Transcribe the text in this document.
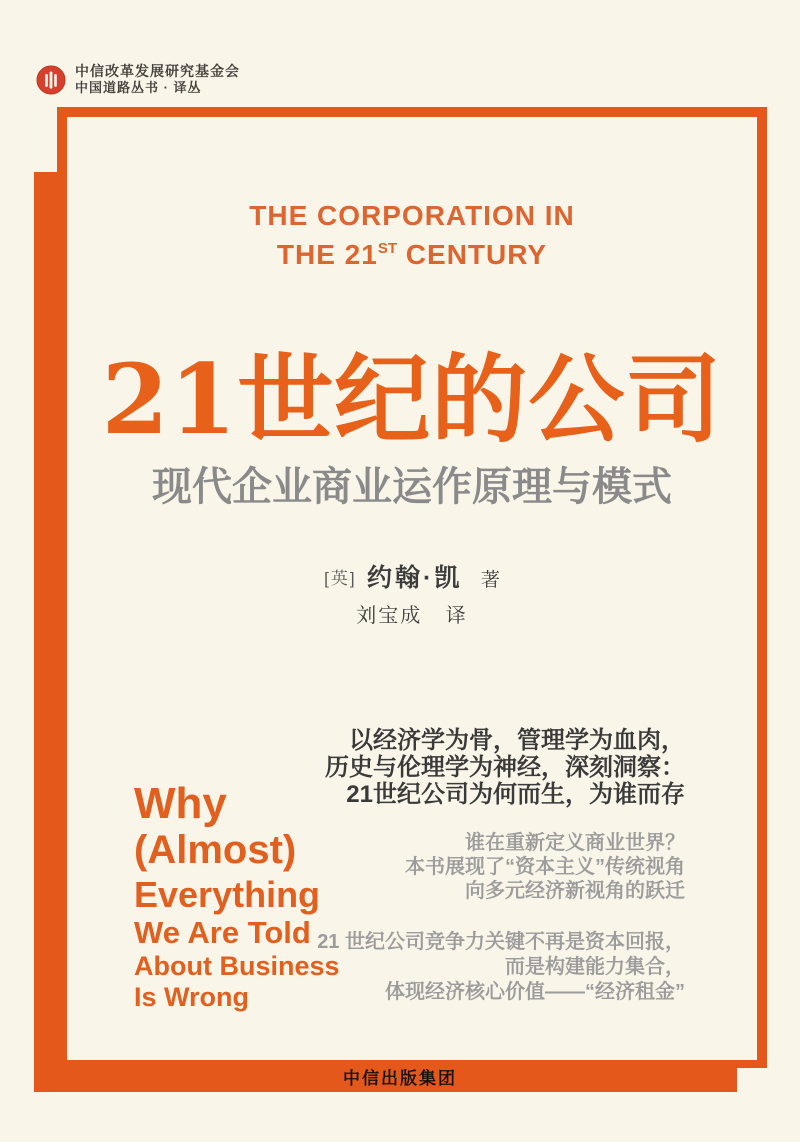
中信改革发展研究基金会
中国道路丛书 · 译丛
THE CORPORATION IN
THE 21ST CENTURY
21世纪的公司
现代企业商业运作原理与模式
[英] 约翰·凯 著
刘宝成 译
以经济学为骨，管理学为血肉，
历史与伦理学为神经，深刻洞察：
21世纪公司为何而生，为谁而存
谁在重新定义商业世界？
本书展现了“资本主义”传统视角
向多元经济新视角的跃迁
21 世纪公司竞争力关键不再是资本回报，
而是构建能力集合，
体现经济核心价值——“经济租金”
Why
(Almost)
Everything
We Are Told
About Business
Is Wrong
中信出版集团
